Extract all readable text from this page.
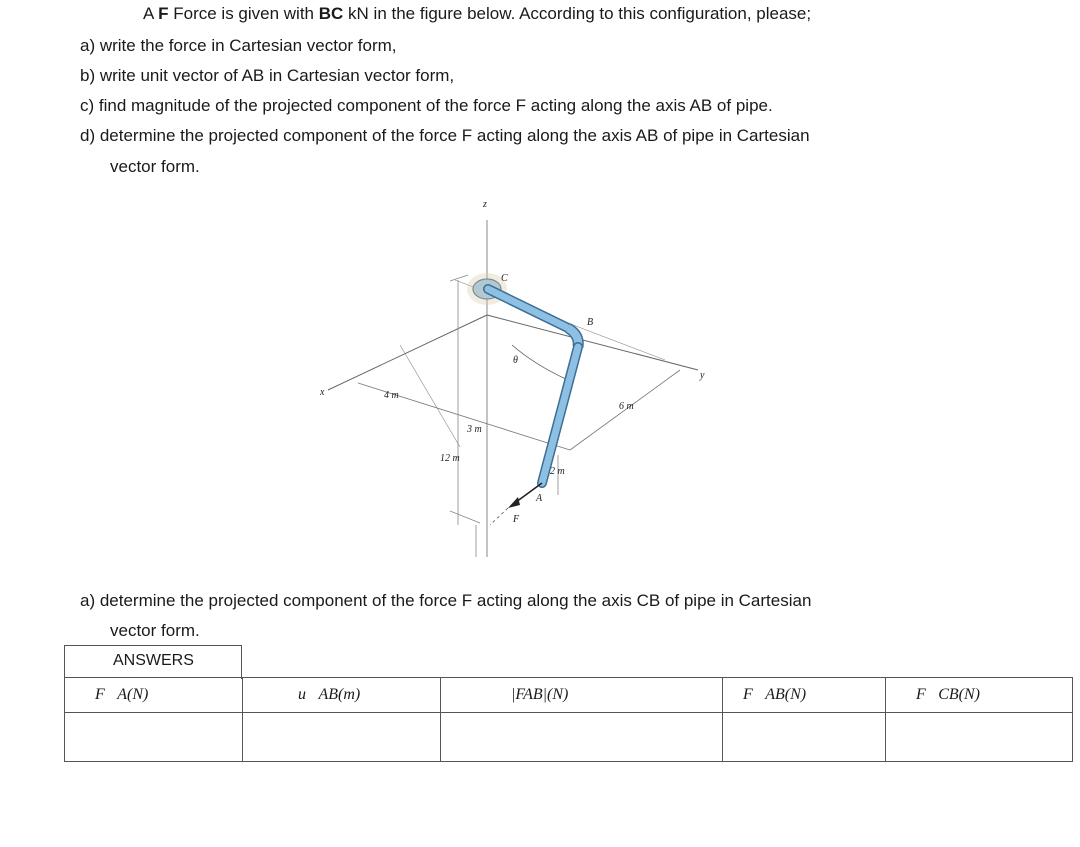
A F Force is given with BC kN in the figure below. According to this configuration, please;
a) write the force in Cartesian vector form,
b) write unit vector of AB in Cartesian vector form,
c) find magnitude of the projected component of the force F acting along the axis AB of pipe.
d) determine the projected component of the force F acting along the axis AB of pipe in Cartesian
vector form.
z
x
y
θ
C
B
A
F
4 m
3 m
12 m
6 m
2 m
a) determine the projected component of the force F acting along the axis CB of pipe in Cartesian
vector form.
ANSWERS
F⃗A(N)	u⃗AB(m)	|FAB|(N)	F⃗AB(N)	F⃗CB(N)
